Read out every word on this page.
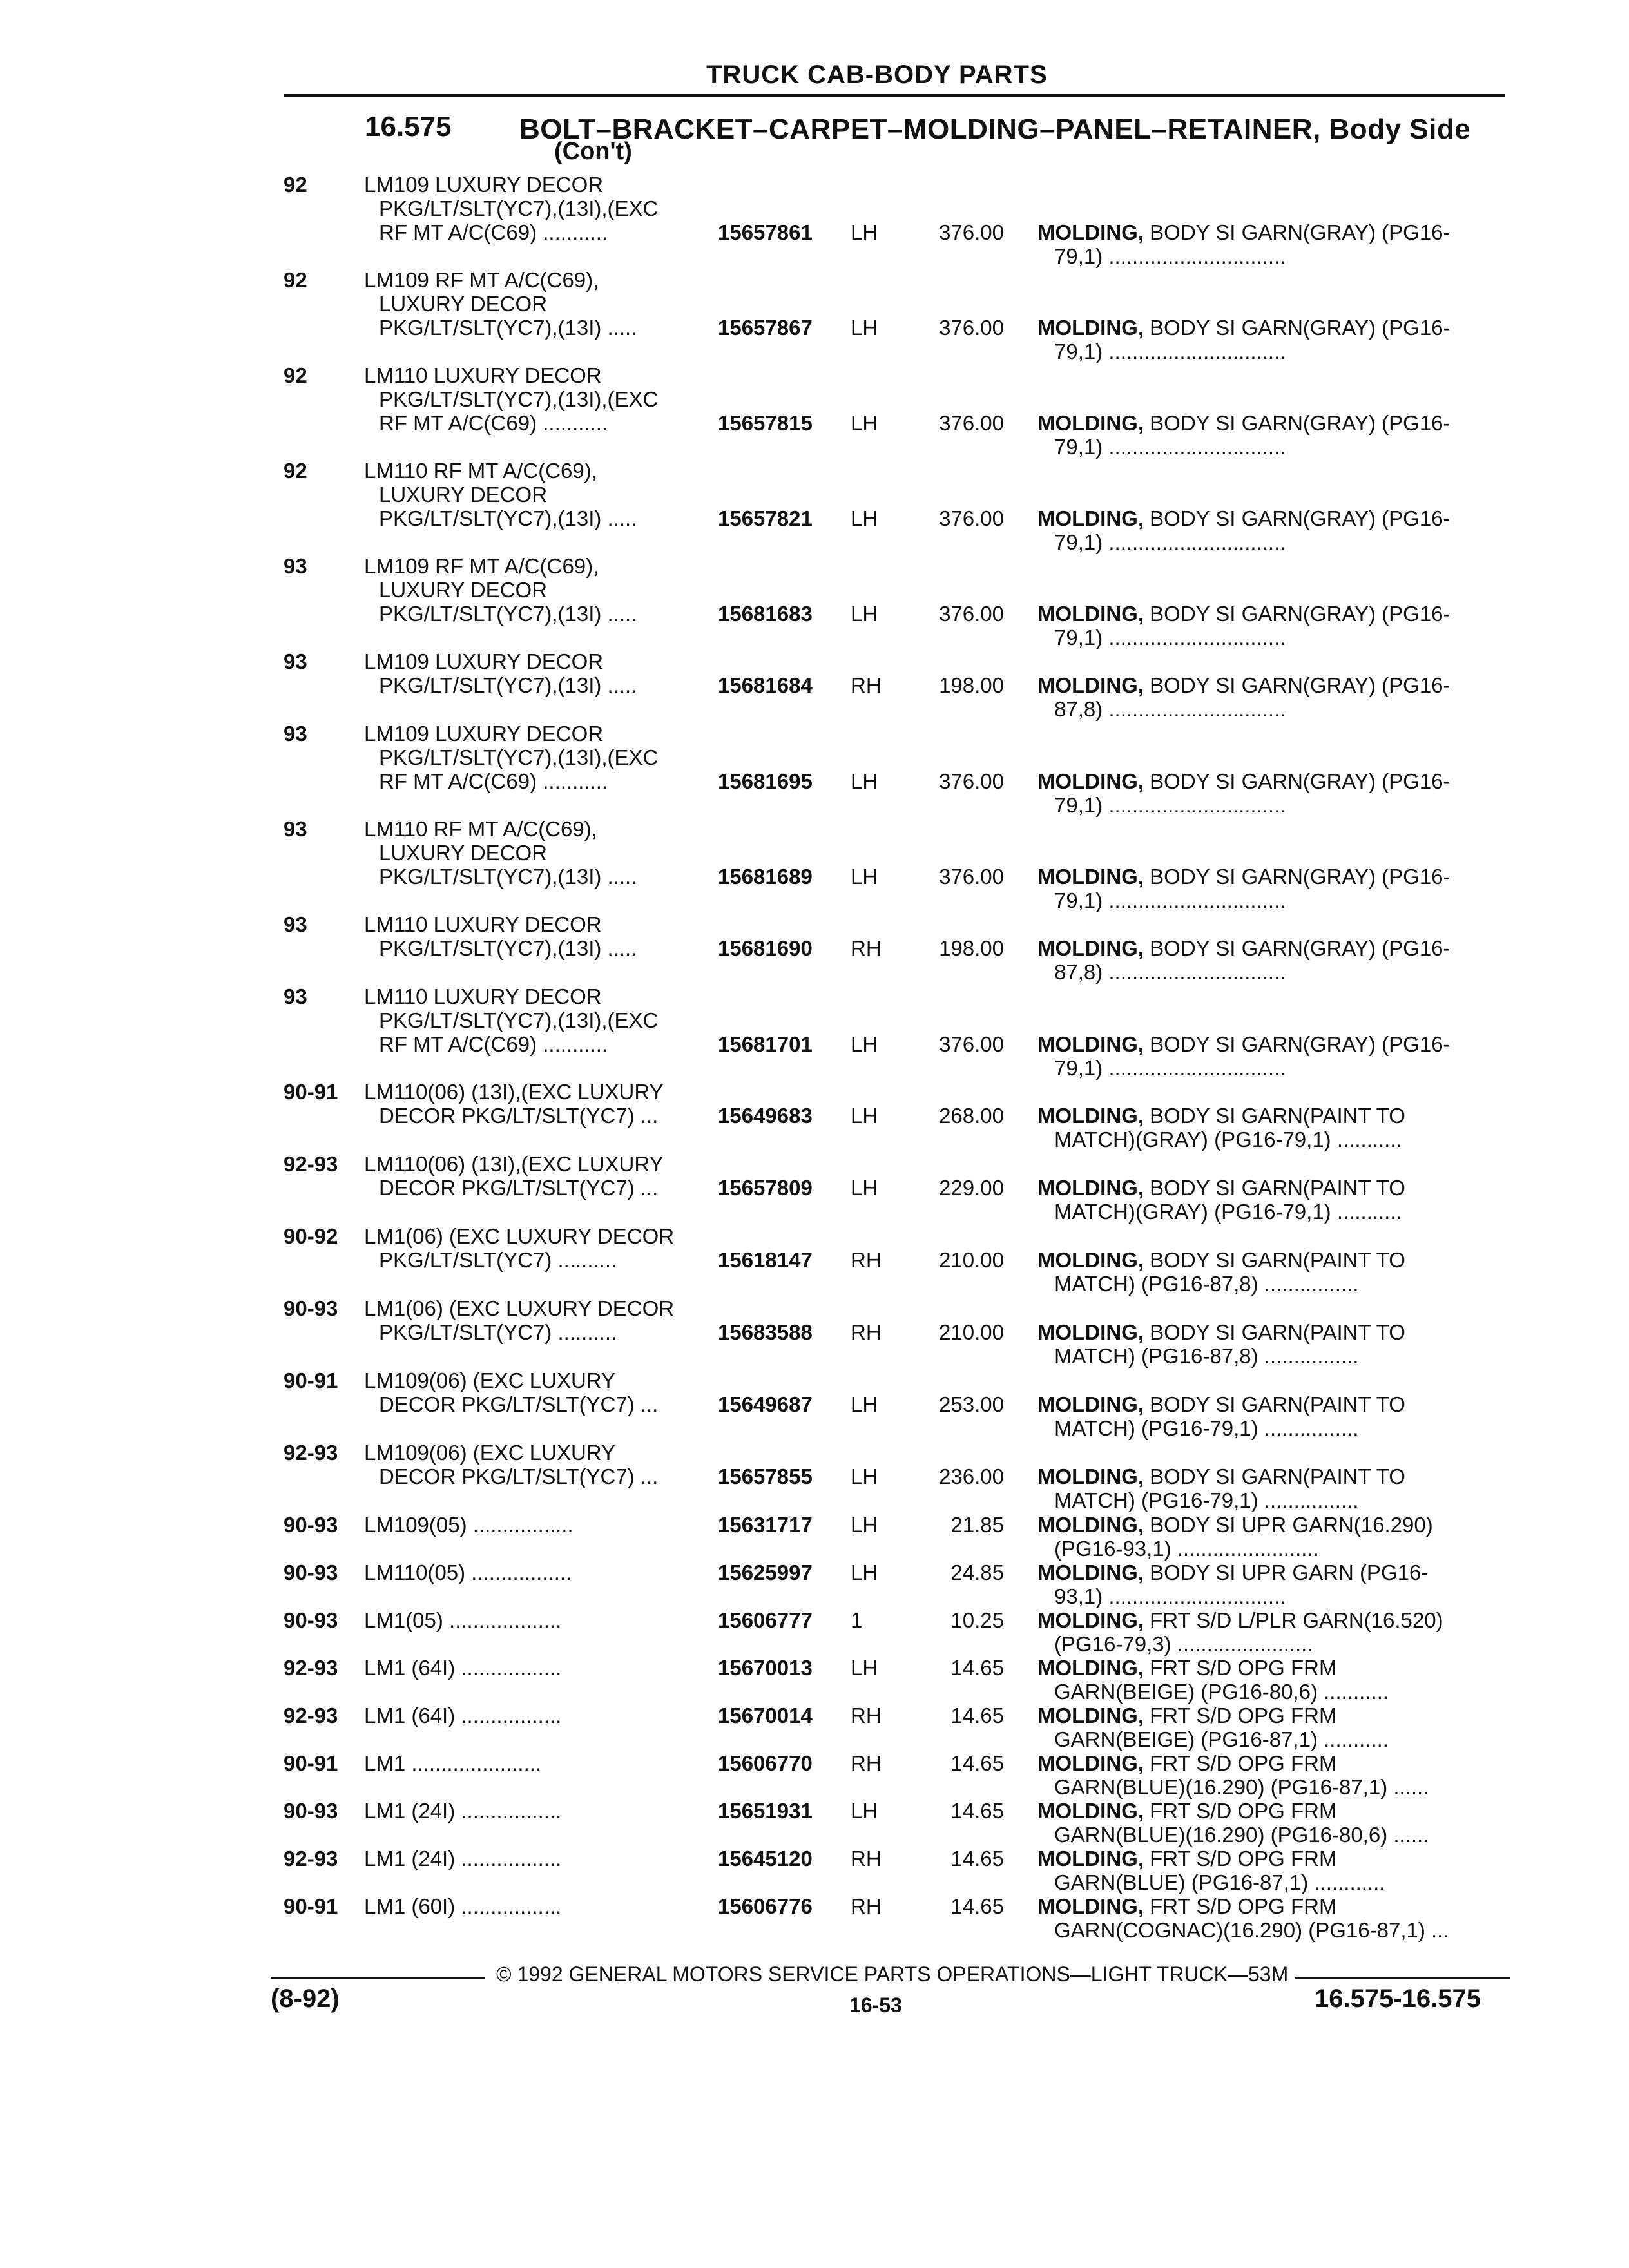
TRUCK CAB-BODY PARTS
16.575 BOLT–BRACKET–CARPET–MOLDING–PANEL–RETAINER, Body Side
(Con't)
92	LM109 LUXURY DECOR
PKG/LT/SLT(YC7),(13I),(EXC
RF MT A/C(C69) ...........	15657861 LH	376.00 MOLDING, BODY SI GARN(GRAY) (PG16-
79,1) ..............................
92	LM109 RF MT A/C(C69),
LUXURY DECOR
PKG/LT/SLT(YC7),(13I) .....	15657867 LH	376.00 MOLDING, BODY SI GARN(GRAY) (PG16-
79,1) ..............................
92	LM110 LUXURY DECOR
PKG/LT/SLT(YC7),(13I),(EXC
RF MT A/C(C69) ...........	15657815 LH	376.00 MOLDING, BODY SI GARN(GRAY) (PG16-
79,1) ..............................
92	LM110 RF MT A/C(C69),
LUXURY DECOR
PKG/LT/SLT(YC7),(13I) .....	15657821 LH	376.00 MOLDING, BODY SI GARN(GRAY) (PG16-
79,1) ..............................
93	LM109 RF MT A/C(C69),
LUXURY DECOR
PKG/LT/SLT(YC7),(13I) .....	15681683 LH	376.00 MOLDING, BODY SI GARN(GRAY) (PG16-
79,1) ..............................
93	LM109 LUXURY DECOR
PKG/LT/SLT(YC7),(13I) .....	15681684 RH	198.00 MOLDING, BODY SI GARN(GRAY) (PG16-
87,8) ..............................
93	LM109 LUXURY DECOR
PKG/LT/SLT(YC7),(13I),(EXC
RF MT A/C(C69) ...........	15681695 LH	376.00 MOLDING, BODY SI GARN(GRAY) (PG16-
79,1) ..............................
93	LM110 RF MT A/C(C69),
LUXURY DECOR
PKG/LT/SLT(YC7),(13I) .....	15681689 LH	376.00 MOLDING, BODY SI GARN(GRAY) (PG16-
79,1) ..............................
93	LM110 LUXURY DECOR
PKG/LT/SLT(YC7),(13I) .....	15681690 RH	198.00 MOLDING, BODY SI GARN(GRAY) (PG16-
87,8) ..............................
93	LM110 LUXURY DECOR
PKG/LT/SLT(YC7),(13I),(EXC
RF MT A/C(C69) ...........	15681701 LH	376.00 MOLDING, BODY SI GARN(GRAY) (PG16-
79,1) ..............................
90-91 LM110(06) (13I),(EXC LUXURY
DECOR PKG/LT/SLT(YC7) ...	15649683 LH	268.00 MOLDING, BODY SI GARN(PAINT TO
MATCH)(GRAY) (PG16-79,1) ...........
92-93 LM110(06) (13I),(EXC LUXURY
DECOR PKG/LT/SLT(YC7) ...	15657809 LH	229.00 MOLDING, BODY SI GARN(PAINT TO
MATCH)(GRAY) (PG16-79,1) ...........
90-92 LM1(06) (EXC LUXURY DECOR
PKG/LT/SLT(YC7) ..........	15618147 RH	210.00 MOLDING, BODY SI GARN(PAINT TO
MATCH) (PG16-87,8) ................
90-93 LM1(06) (EXC LUXURY DECOR
PKG/LT/SLT(YC7) ..........	15683588 RH	210.00 MOLDING, BODY SI GARN(PAINT TO
MATCH) (PG16-87,8) ................
90-91 LM109(06) (EXC LUXURY
DECOR PKG/LT/SLT(YC7) ...	15649687 LH	253.00 MOLDING, BODY SI GARN(PAINT TO
MATCH) (PG16-79,1) ................
92-93 LM109(06) (EXC LUXURY
DECOR PKG/LT/SLT(YC7) ...	15657855 LH	236.00 MOLDING, BODY SI GARN(PAINT TO
MATCH) (PG16-79,1) ................
90-93 LM109(05) .................	15631717 LH	21.85 MOLDING, BODY SI UPR GARN(16.290)
(PG16-93,1) ........................
90-93 LM110(05) .................	15625997 LH	24.85 MOLDING, BODY SI UPR GARN (PG16-
93,1) ..............................
90-93 LM1(05) ...................	15606777 1	10.25 MOLDING, FRT S/D L/PLR GARN(16.520)
(PG16-79,3) .......................
92-93 LM1 (64I) .................	15670013 LH	14.65 MOLDING, FRT S/D OPG FRM
GARN(BEIGE) (PG16-80,6) ...........
92-93 LM1 (64I) .................	15670014 RH	14.65 MOLDING, FRT S/D OPG FRM
GARN(BEIGE) (PG16-87,1) ...........
90-91 LM1 ......................	15606770 RH	14.65 MOLDING, FRT S/D OPG FRM
GARN(BLUE)(16.290) (PG16-87,1) ......
90-93 LM1 (24I) .................	15651931 LH	14.65 MOLDING, FRT S/D OPG FRM
GARN(BLUE)(16.290) (PG16-80,6) ......
92-93 LM1 (24I) .................	15645120 RH	14.65 MOLDING, FRT S/D OPG FRM
GARN(BLUE) (PG16-87,1) ............
90-91 LM1 (60I) .................	15606776 RH	14.65 MOLDING, FRT S/D OPG FRM
GARN(COGNAC)(16.290) (PG16-87,1) ...
© 1992 GENERAL MOTORS SERVICE PARTS OPERATIONS—LIGHT TRUCK—53M
(8-92)	16-53	16.575-16.575
